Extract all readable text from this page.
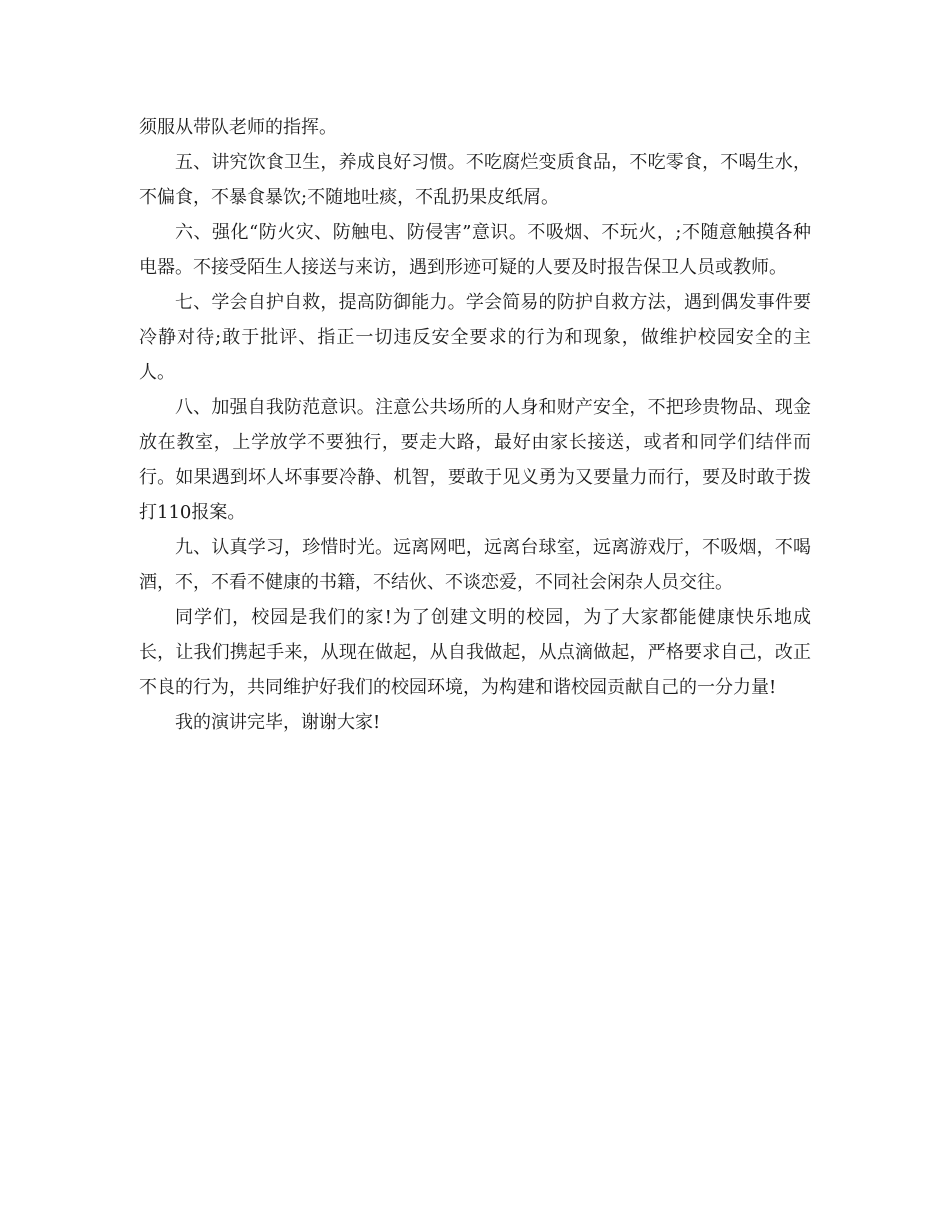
须服从带队老师的指挥。

五、讲究饮食卫生，养成良好习惯。不吃腐烂变质食品，不吃零食，不喝生水，不偏食，不暴食暴饮;不随地吐痰，不乱扔果皮纸屑。

六、强化“防火灾、防触电、防侵害”意识。不吸烟、不玩火，;不随意触摸各种电器。不接受陌生人接送与来访，遇到形迹可疑的人要及时报告保卫人员或教师。

七、学会自护自救，提高防御能力。学会简易的防护自救方法，遇到偶发事件要冷静对待;敢于批评、指正一切违反安全要求的行为和现象，做维护校园安全的主人。

八、加强自我防范意识。注意公共场所的人身和财产安全，不把珍贵物品、现金放在教室，上学放学不要独行，要走大路，最好由家长接送，或者和同学们结伴而行。如果遇到坏人坏事要冷静、机智，要敢于见义勇为又要量力而行，要及时敢于拨打110报案。

九、认真学习，珍惜时光。远离网吧，远离台球室，远离游戏厅，不吸烟，不喝酒，不，不看不健康的书籍，不结伙、不谈恋爱，不同社会闲杂人员交往。

同学们，校园是我们的家!为了创建文明的校园，为了大家都能健康快乐地成长，让我们携起手来，从现在做起，从自我做起，从点滴做起，严格要求自己，改正不良的行为，共同维护好我们的校园环境，为构建和谐校园贡献自己的一分力量!

我的演讲完毕，谢谢大家!
